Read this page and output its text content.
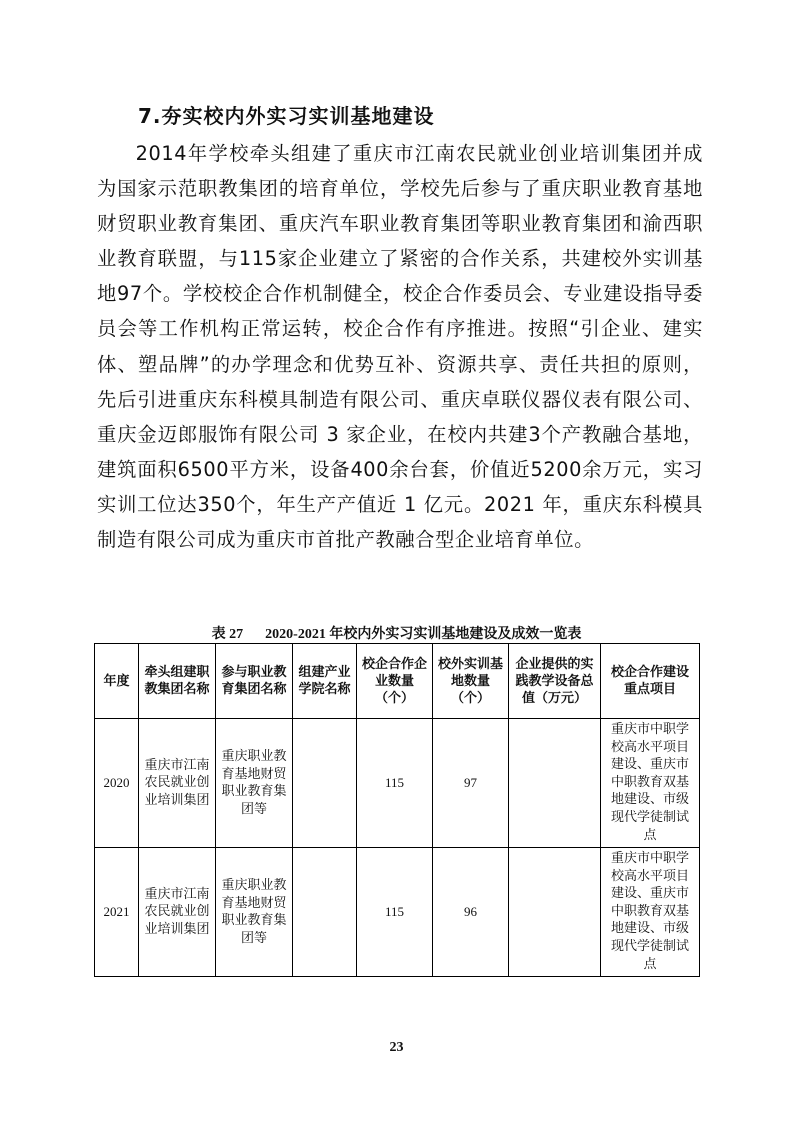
7.夯实校内外实习实训基地建设

2014年学校牵头组建了重庆市江南农民就业创业培训集团并成为国家示范职教集团的培育单位，学校先后参与了重庆职业教育基地财贸职业教育集团、重庆汽车职业教育集团等职业教育集团和渝西职业教育联盟，与115家企业建立了紧密的合作关系，共建校外实训基地97个。学校校企合作机制健全，校企合作委员会、专业建设指导委员会等工作机构正常运转，校企合作有序推进。按照“引企业、建实体、塑品牌”的办学理念和优势互补、资源共享、责任共担的原则，先后引进重庆东科模具制造有限公司、重庆卓联仪器仪表有限公司、重庆金迈郎服饰有限公司 3 家企业，在校内共建3个产教融合基地，建筑面积6500平方米，设备400余台套，价值近5200余万元，实习实训工位达350个，年生产产值近 1 亿元。2021 年，重庆东科模具制造有限公司成为重庆市首批产教融合型企业培育单位。

表 27 2020-2021 年校内外实习实训基地建设及成效一览表
年度	牵头组建职教集团名称	参与职业教育集团名称	组建产业学院名称	校企合作企业数量（个）	校外实训基地数量（个）	企业提供的实践教学设备总值（万元）	校企合作建设重点项目
2020	重庆市江南农民就业创业培训集团	重庆职业教育基地财贸职业教育集团等		115	97		重庆市中职学校高水平项目建设、重庆市中职教育双基地建设、市级现代学徒制试点
2021	重庆市江南农民就业创业培训集团	重庆职业教育基地财贸职业教育集团等		115	96		重庆市中职学校高水平项目建设、重庆市中职教育双基地建设、市级现代学徒制试点
23
